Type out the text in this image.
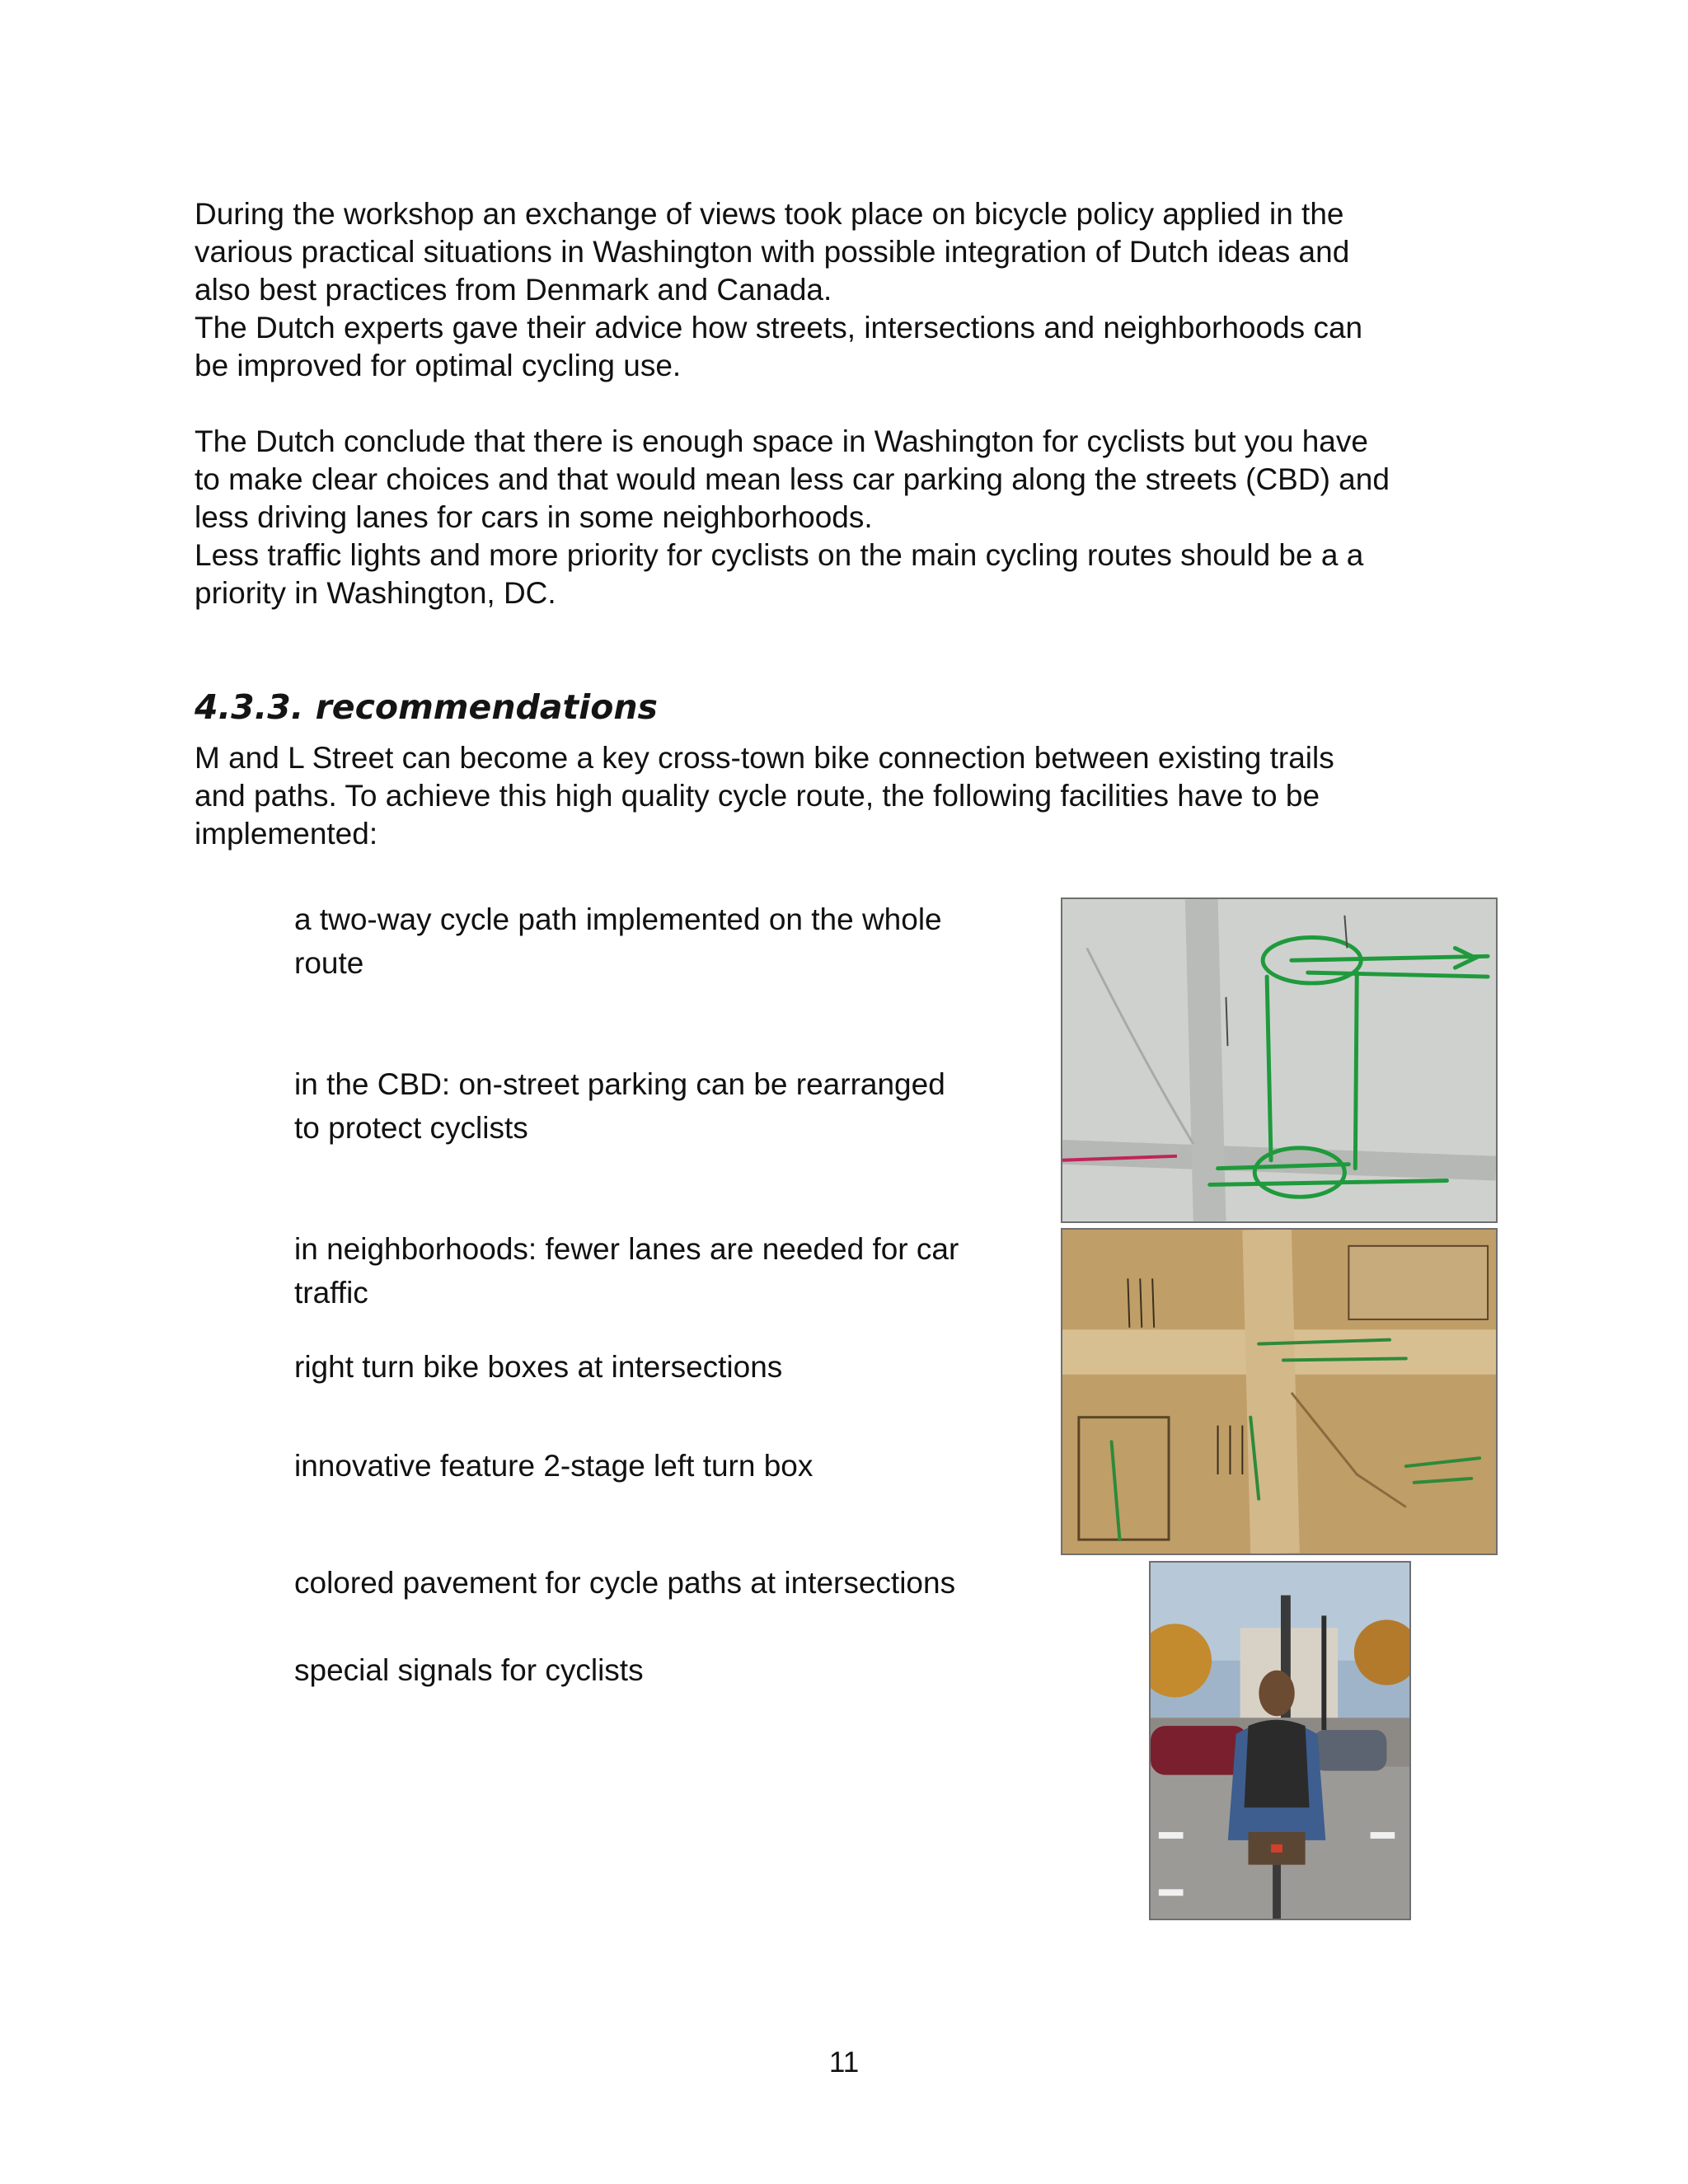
During the workshop an exchange of views took place on bicycle policy applied in the
various practical situations in Washington with possible integration of Dutch ideas and
also best practices from Denmark and Canada.
The Dutch experts gave their advice how streets, intersections and neighborhoods can
be improved for optimal cycling use.

The Dutch conclude that there is enough space in Washington for cyclists but you have
to make clear choices and that would mean less car parking along the streets (CBD) and
less driving lanes for cars in some neighborhoods.
Less traffic lights and more priority for cyclists on the main cycling routes should be a a
priority in Washington, DC.

4.3.3. recommendations

M and L Street can become a key cross-town bike connection between existing trails
and paths. To achieve this high quality cycle route, the following facilities have to be
implemented:

a two-way cycle path implemented on the whole
route

in the CBD: on-street parking can be rearranged
to protect cyclists

in neighborhoods: fewer lanes are needed for car
traffic

right turn bike boxes at intersections

innovative feature 2-stage left turn box

colored pavement for cycle paths at intersections

special signals for cyclists

11
